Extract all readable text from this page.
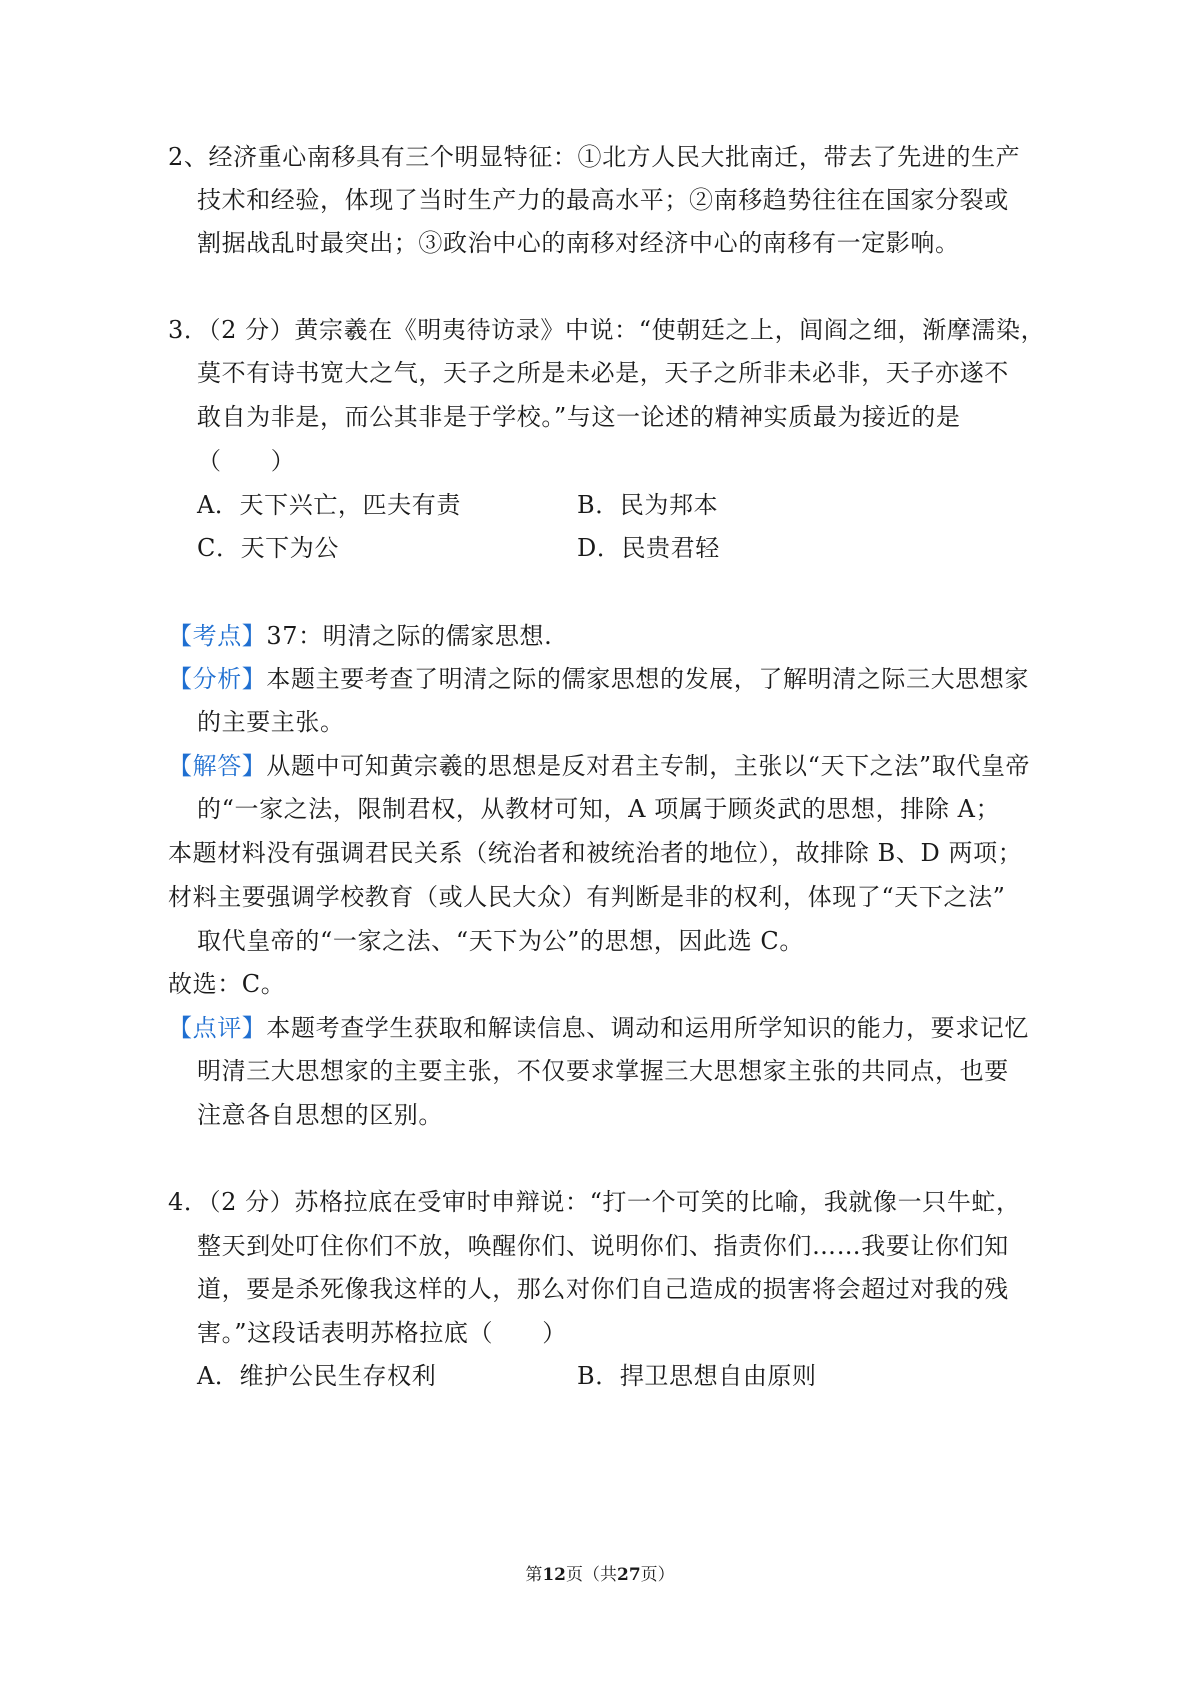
2、经济重心南移具有三个明显特征：①北方人民大批南迁，带去了先进的生产
技术和经验，体现了当时生产力的最高水平；②南移趋势往往在国家分裂或
割据战乱时最突出；③政治中心的南移对经济中心的南移有一定影响。
3．（2 分）黄宗羲在《明夷待访录》中说：“使朝廷之上，闾阎之细，渐摩濡染，
莫不有诗书宽大之气，天子之所是未必是，天子之所非未必非，天子亦遂不
敢自为非是，而公其非是于学校。”与这一论述的精神实质最为接近的是
（　　）
A．天下兴亡，匹夫有责	B．民为邦本
C．天下为公	D．民贵君轻
【考点】37：明清之际的儒家思想.
【分析】本题主要考查了明清之际的儒家思想的发展，了解明清之际三大思想家
的主要主张。
【解答】从题中可知黄宗羲的思想是反对君主专制，主张以“天下之法”取代皇帝
的“一家之法，限制君权，从教材可知，A 项属于顾炎武的思想，排除 A；
本题材料没有强调君民关系（统治者和被统治者的地位），故排除 B、D 两项；
材料主要强调学校教育（或人民大众）有判断是非的权利，体现了“天下之法”
取代皇帝的“一家之法、“天下为公”的思想，因此选 C。
故选：C。
【点评】本题考查学生获取和解读信息、调动和运用所学知识的能力，要求记忆
明清三大思想家的主要主张，不仅要求掌握三大思想家主张的共同点，也要
注意各自思想的区别。
4．（2 分）苏格拉底在受审时申辩说：“打一个可笑的比喻，我就像一只牛虻，
整天到处叮住你们不放，唤醒你们、说明你们、指责你们……我要让你们知
道，要是杀死像我这样的人，那么对你们自己造成的损害将会超过对我的残
害。”这段话表明苏格拉底（　　）
A．维护公民生存权利	B．捍卫思想自由原则
第12页（共27页）
